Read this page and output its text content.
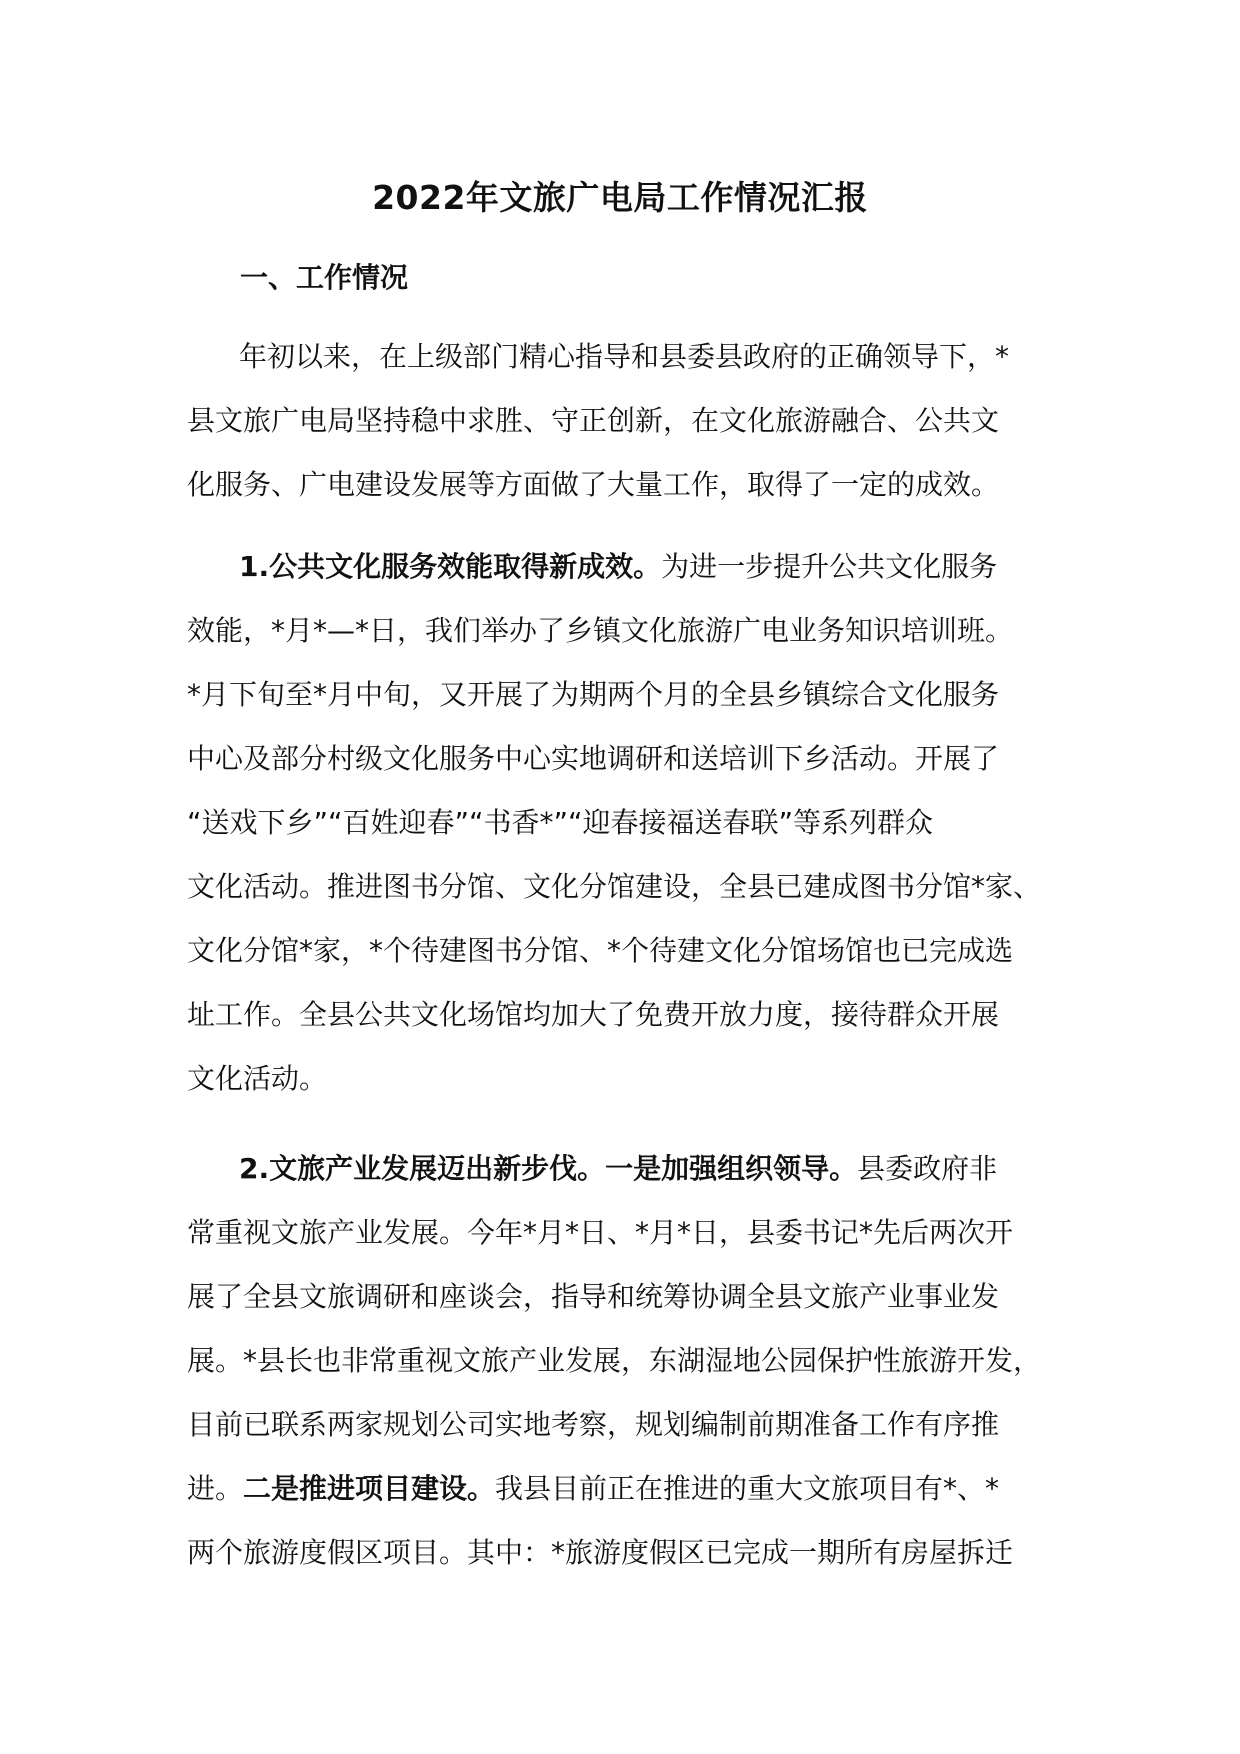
2022年文旅广电局工作情况汇报
一、工作情况
年初以来，在上级部门精心指导和县委县政府的正确领导下，*
县文旅广电局坚持稳中求胜、守正创新，在文化旅游融合、公共文
化服务、广电建设发展等方面做了大量工作，取得了一定的成效。
1.公共文化服务效能取得新成效。为进一步提升公共文化服务
效能，*月*—*日，我们举办了乡镇文化旅游广电业务知识培训班。
*月下旬至*月中旬，又开展了为期两个月的全县乡镇综合文化服务
中心及部分村级文化服务中心实地调研和送培训下乡活动。开展了
“送戏下乡”“百姓迎春”“书香*”“迎春接福送春联”等系列群众
文化活动。推进图书分馆、文化分馆建设，全县已建成图书分馆*家、
文化分馆*家，*个待建图书分馆、*个待建文化分馆场馆也已完成选
址工作。全县公共文化场馆均加大了免费开放力度，接待群众开展
文化活动。
2.文旅产业发展迈出新步伐。一是加强组织领导。县委政府非
常重视文旅产业发展。今年*月*日、*月*日，县委书记*先后两次开
展了全县文旅调研和座谈会，指导和统筹协调全县文旅产业事业发
展。*县长也非常重视文旅产业发展，东湖湿地公园保护性旅游开发，
目前已联系两家规划公司实地考察，规划编制前期准备工作有序推
进。二是推进项目建设。我县目前正在推进的重大文旅项目有*、*
两个旅游度假区项目。其中：*旅游度假区已完成一期所有房屋拆迁
